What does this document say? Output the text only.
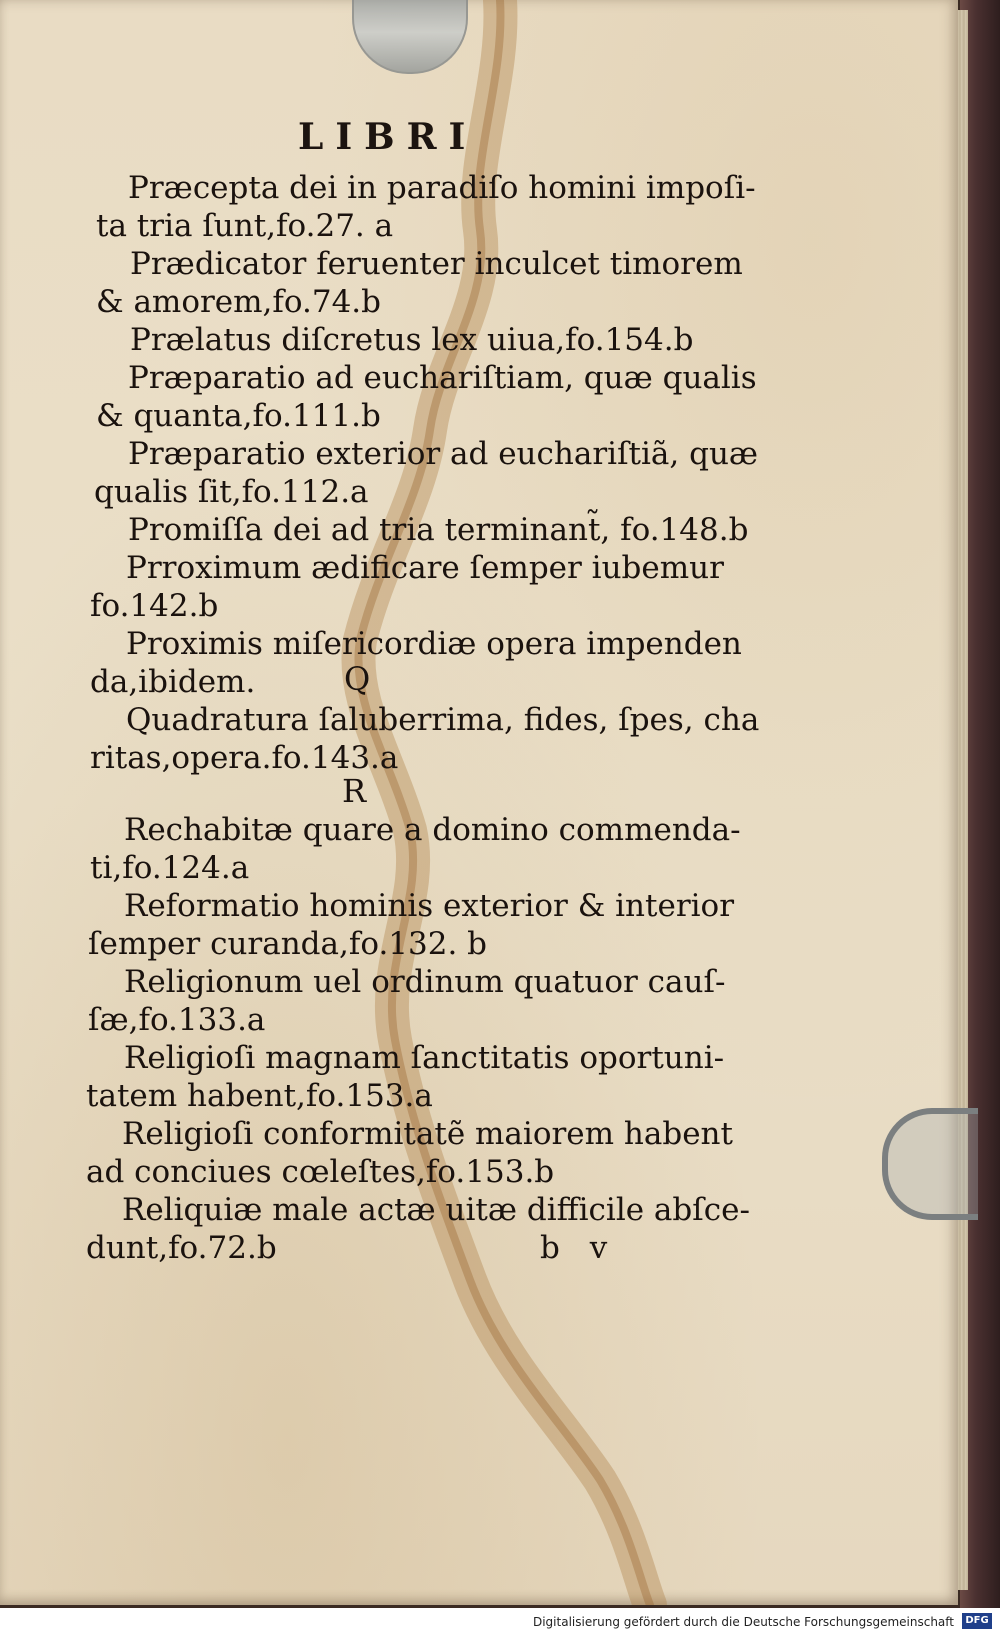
LIBRI
Præcepta dei in paradiſo homini impoſi-
ta tria ſunt,fo.27. a
Prædicator feruenter inculcet timorem
& amorem,fo.74.b
Prælatus diſcretus lex uiua,fo.154.b
Præparatio ad euchariſtiam, quæ qualis
& quanta,fo.111.b
Præparatio exterior ad euchariſtiã, quæ
qualis ſit,fo.112.a
Promiſſa dei ad tria terminant̃, fo.148.b
Prroximum ædificare ſemper iubemur
fo.142.b
Proximis miſericordiæ opera impenden
da,ibidem.	Q
Quadratura ſaluberrima, fides, ſpes, cha
ritas,opera.fo.143.a
R
Rechabitæ quare a domino commenda-
ti,fo.124.a
Reformatio hominis exterior & interior
ſemper curanda,fo.132. b
Religionum uel ordinum quatuor cauſ-
ſæ,fo.133.a
Religioſi magnam ſanctitatis oportuni-
tatem habent,fo.153.a
Religioſi conformitatẽ maiorem habent
ad conciues cœleſtes,fo.153.b
Reliquiæ male actæ uitæ difficile abſce-
dunt,fo.72.b	b v
Digitalisierung gefördert durch die Deutsche Forschungsgemeinschaft	DFG
